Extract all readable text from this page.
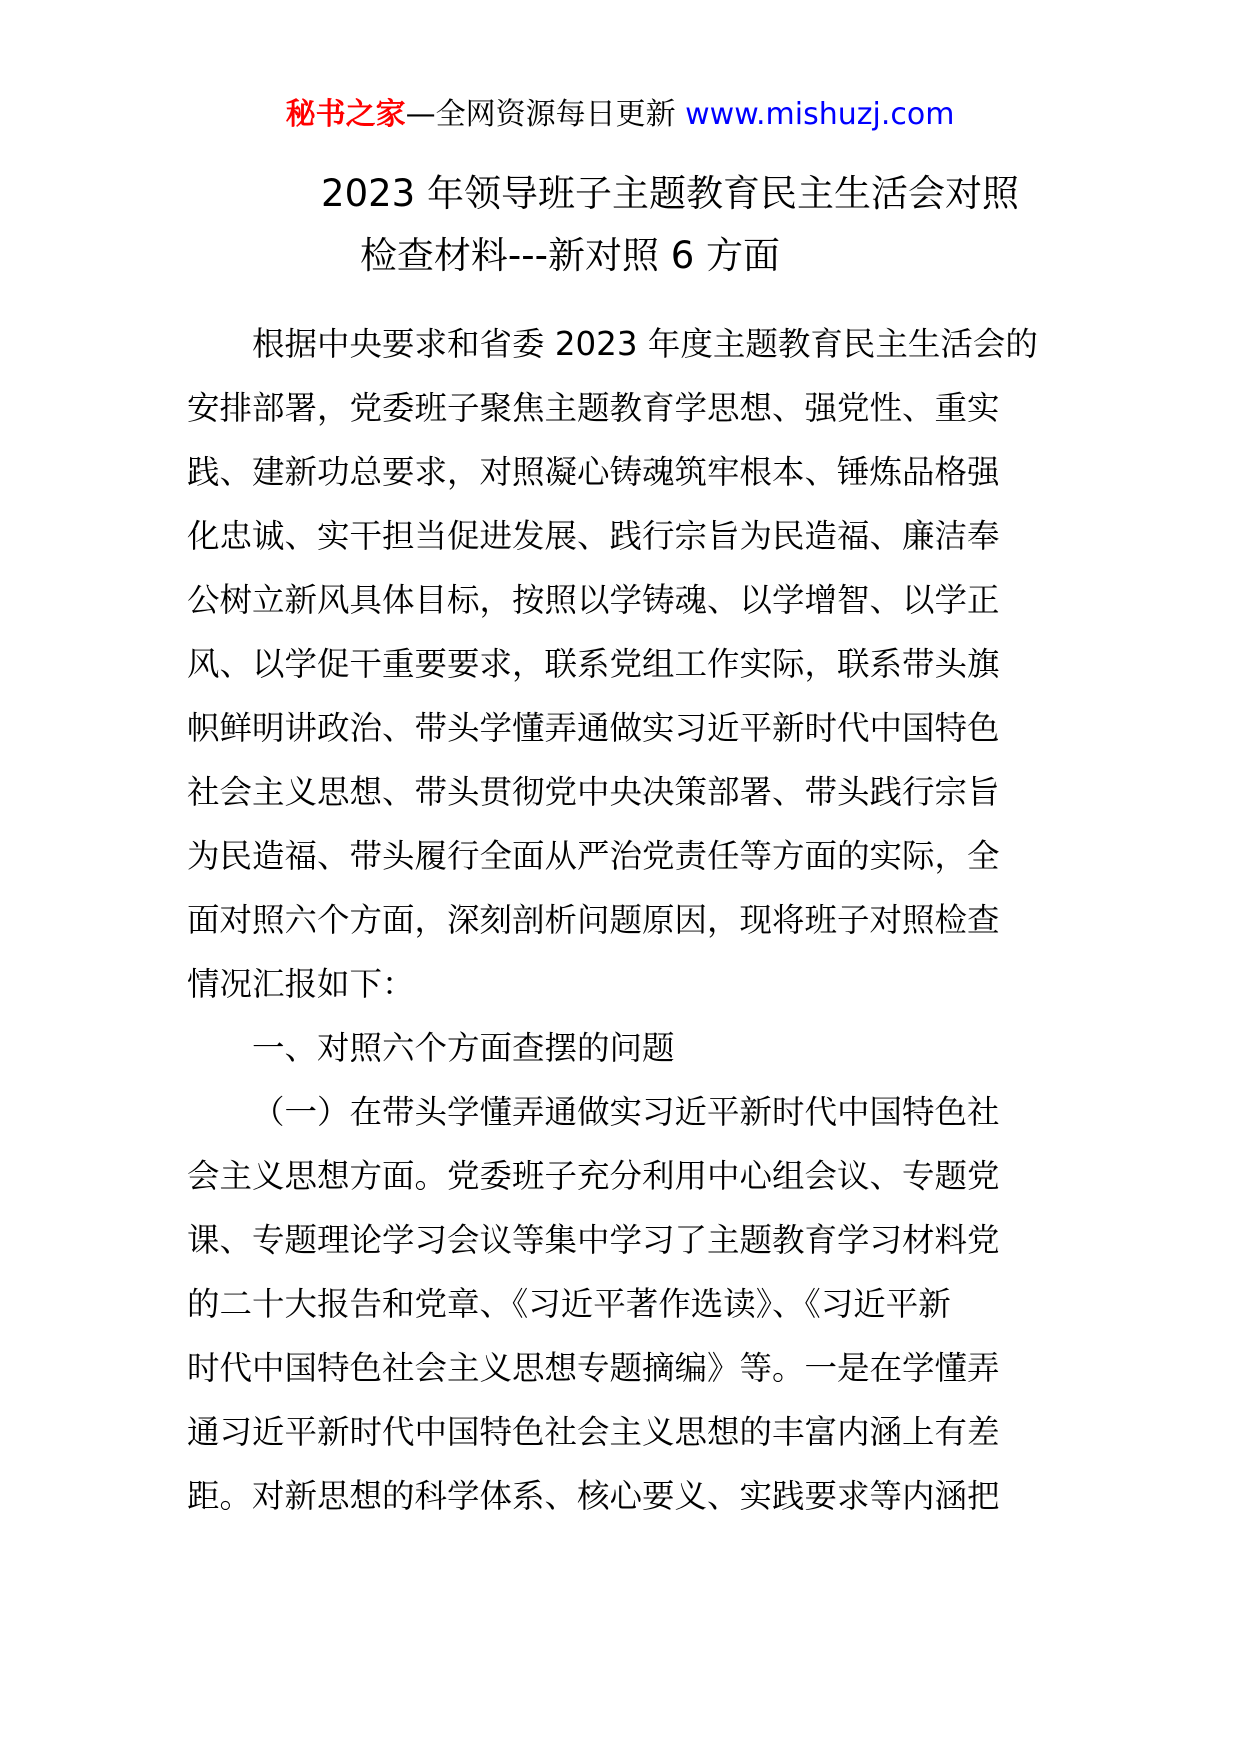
秘书之家—全网资源每日更新 www.mishuzj.com
2023 年领导班子主题教育民主生活会对照
检查材料---新对照 6 方面
根据中央要求和省委 2023 年度主题教育民主生活会的
安排部署，党委班子聚焦主题教育学思想、强党性、重实
践、建新功总要求，对照凝心铸魂筑牢根本、锤炼品格强
化忠诚、实干担当促进发展、践行宗旨为民造福、廉洁奉
公树立新风具体目标，按照以学铸魂、以学增智、以学正
风、以学促干重要要求，联系党组工作实际，联系带头旗
帜鲜明讲政治、带头学懂弄通做实习近平新时代中国特色
社会主义思想、带头贯彻党中央决策部署、带头践行宗旨
为民造福、带头履行全面从严治党责任等方面的实际，全
面对照六个方面，深刻剖析问题原因，现将班子对照检查
情况汇报如下：
一、对照六个方面查摆的问题
（一）在带头学懂弄通做实习近平新时代中国特色社
会主义思想方面。党委班子充分利用中心组会议、专题党
课、专题理论学习会议等集中学习了主题教育学习材料党
的二十大报告和党章、《习近平著作选读》、《习近平新
时代中国特色社会主义思想专题摘编》等。一是在学懂弄
通习近平新时代中国特色社会主义思想的丰富内涵上有差
距。对新思想的科学体系、核心要义、实践要求等内涵把
